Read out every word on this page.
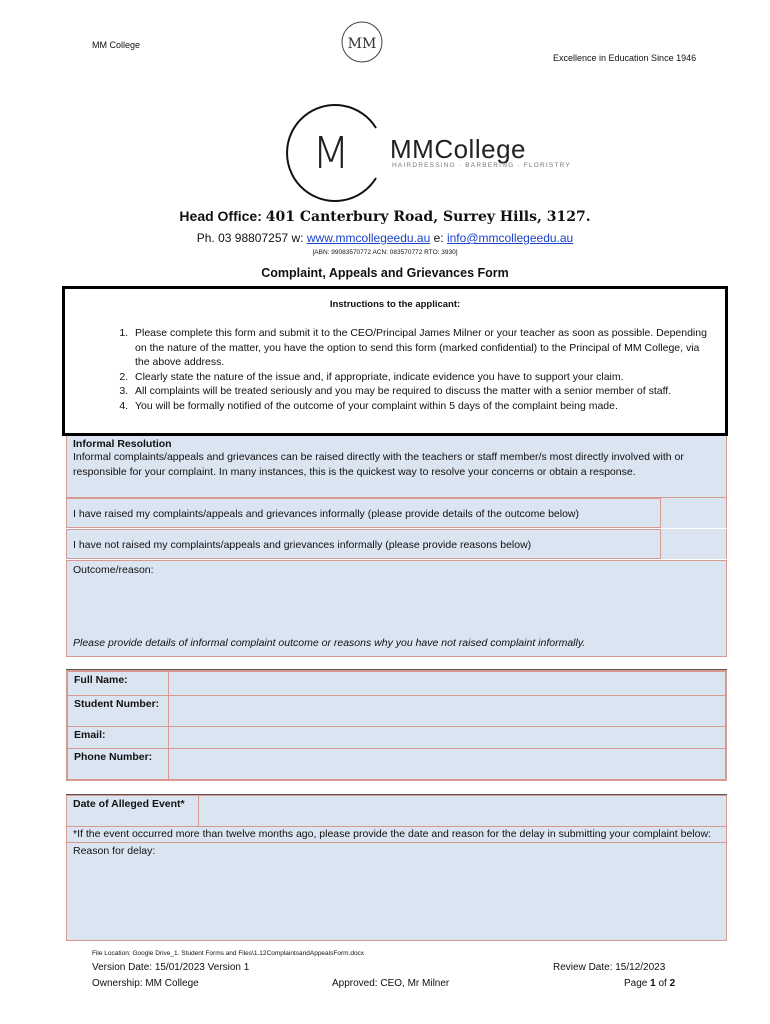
MM College	MM
Excellence in Education Since 1946
M MMCollege
HAIRDRESSING · BARBERING · FLORISTRY
Head Office: 401 Canterbury Road, Surrey Hills, 3127.
Ph. 03 98807257 w: www.mmcollegeedu.au e: info@mmcollegeedu.au
[ABN: 99083570772 ACN: 083570772 RTO: 3930]
Complaint, Appeals and Grievances Form
Instructions to the applicant:
1. Please complete this form and submit it to the CEO/Principal James Milner or your teacher as soon as possible. Depending on the nature of the matter, you have the option to send this form (marked confidential) to the Principal of MM College, via the above address.
2. Clearly state the nature of the issue and, if appropriate, indicate evidence you have to support your claim.
3. All complaints will be treated seriously and you may be required to discuss the matter with a senior member of staff.
4. You will be formally notified of the outcome of your complaint within 5 days of the complaint being made.
Informal Resolution
Informal complaints/appeals and grievances can be raised directly with the teachers or staff member/s most directly involved with or responsible for your complaint. In many instances, this is the quickest way to resolve your concerns or obtain a response.
I have raised my complaints/appeals and grievances informally (please provide details of the outcome below)
I have not raised my complaints/appeals and grievances informally (please provide reasons below)
Outcome/reason:
Please provide details of informal complaint outcome or reasons why you have not raised complaint informally.
Full Name:	
Student Number:	
Email:	
Phone Number:	
Date of Alleged Event*
*If the event occurred more than twelve months ago, please provide the date and reason for the delay in submitting your complaint below:
Reason for delay:
File Location: Google Drive_1. Student Forms and Files\1.12ComplaintsandAppealsForm.docx
Version Date: 15/01/2023 Version 1	Review Date: 15/12/2023
Ownership: MM College	Approved: CEO, Mr Milner	Page 1 of 2
